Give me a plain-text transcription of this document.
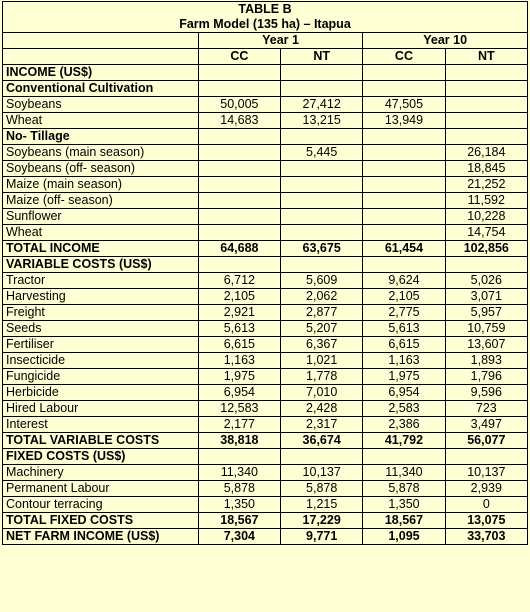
TABLE B
Farm Model (135 ha) – Itapua				

	Year 1		Year 10	
	CC	NT	CC	NT
INCOME (US$)				
Conventional Cultivation				
Soybeans	50,005	27,412	47,505	
Wheat	14,683	13,215	13,949	
No- Tillage				
Soybeans (main season)		5,445		26,184
Soybeans (off- season)				18,845
Maize (main season)				21,252
Maize (off- season)				11,592
Sunflower				10,228
Wheat				14,754
TOTAL INCOME	64,688	63,675	61,454	102,856
VARIABLE COSTS (US$)				
Tractor	6,712	5,609	9,624	5,026
Harvesting	2,105	2,062	2,105	3,071
Freight	2,921	2,877	2,775	5,957
Seeds	5,613	5,207	5,613	10,759
Fertiliser	6,615	6,367	6,615	13,607
Insecticide	1,163	1,021	1,163	1,893
Fungicide	1,975	1,778	1,975	1,796
Herbicide	6,954	7,010	6,954	9,596
Hired Labour	12,583	2,428	2,583	723
Interest	2,177	2,317	2,386	3,497
TOTAL VARIABLE COSTS	38,818	36,674	41,792	56,077
FIXED COSTS (US$)				
Machinery	11,340	10,137	11,340	10,137
Permanent Labour	5,878	5,878	5,878	2,939
Contour terracing	1,350	1,215	1,350	0
TOTAL FIXED COSTS	18,567	17,229	18,567	13,075
NET FARM INCOME (US$)	7,304	9,771	1,095	33,703
